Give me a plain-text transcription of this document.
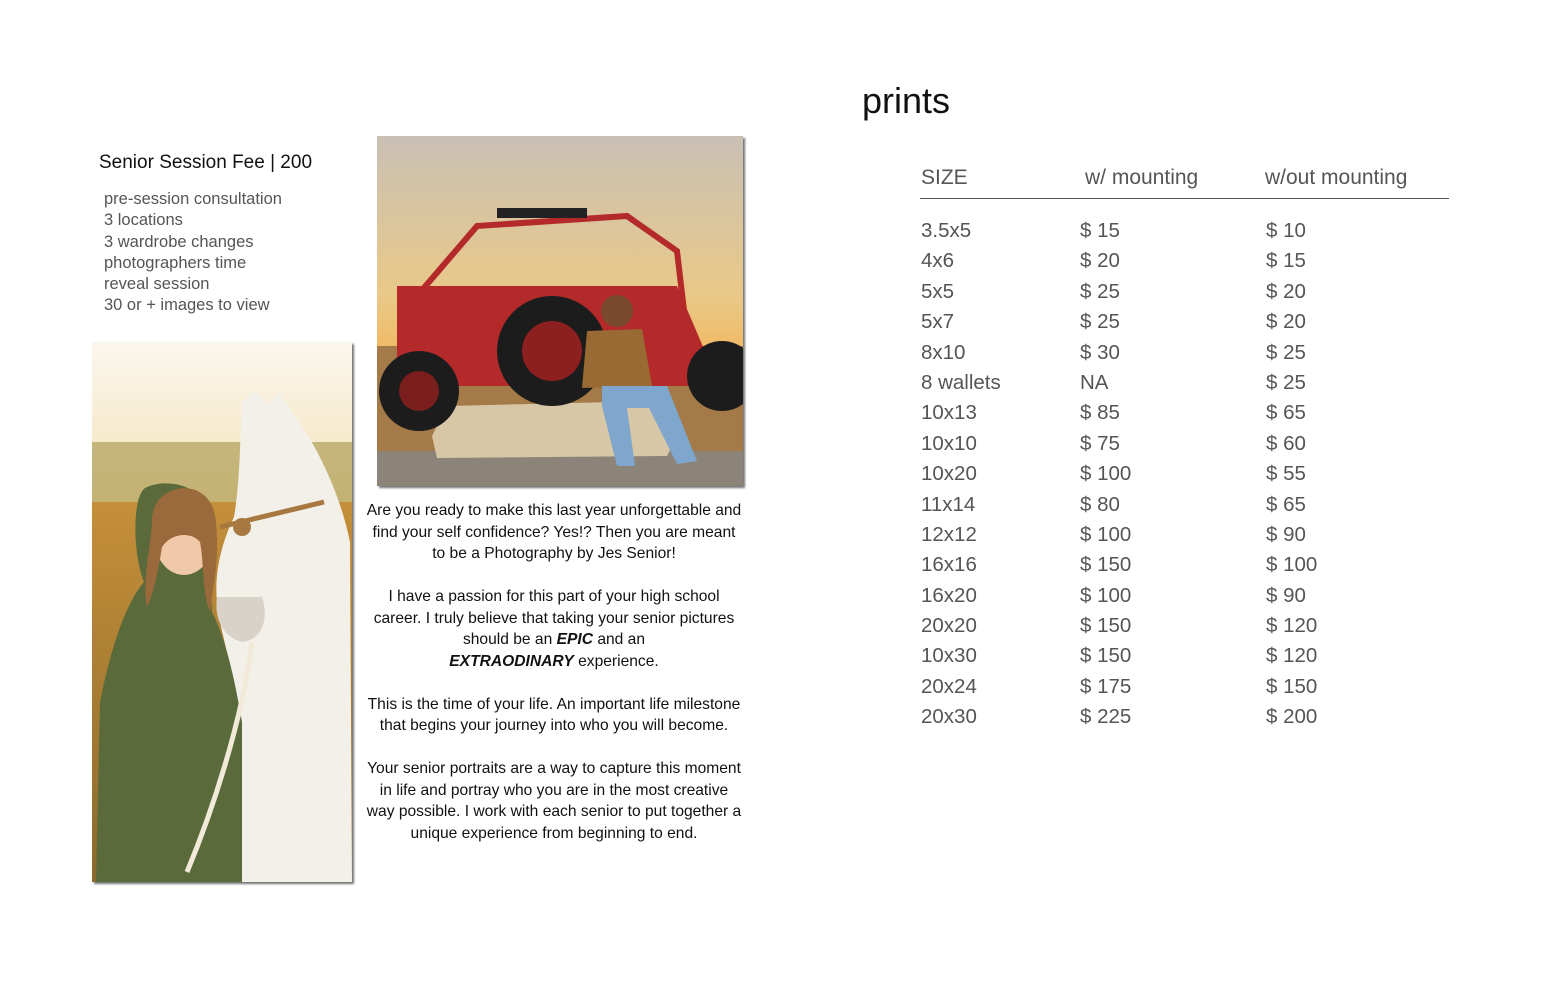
Senior Session Fee | 200
pre-session consultation
3 locations
3 wardrobe changes
photographers time
reveal session
30 or + images to view

Are you ready to make this last year unforgettable and find your self confidence? Yes!? Then you are meant to be a Photography by Jes Senior!

I have a passion for this part of your high school career. I truly believe that taking your senior pictures should be an EPIC and an
EXTRAODINARY experience.

This is the time of your life. An important life milestone that begins your journey into who you will become.

Your senior portraits are a way to capture this moment in life and portray who you are in the most creative way possible. I work with each senior to put together a unique experience from beginning to end.

prints
SIZE	w/ mounting	w/out mounting
3.5x5	$ 15	$ 10
4x6	$ 20	$ 15
5x5	$ 25	$ 20
5x7	$ 25	$ 20
8x10	$ 30	$ 25
8 wallets	NA	$ 25
10x13	$ 85	$ 65
10x10	$ 75	$ 60
10x20	$ 100	$ 55
11x14	$ 80	$ 65
12x12	$ 100	$ 90
16x16	$ 150	$ 100
16x20	$ 100	$ 90
20x20	$ 150	$ 120
10x30	$ 150	$ 120
20x24	$ 175	$ 150
20x30	$ 225	$ 200
